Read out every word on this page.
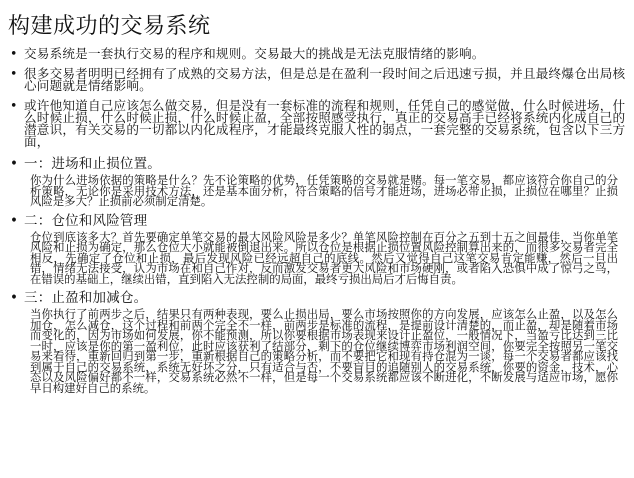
构建成功的交易系统
• 交易系统是一套执行交易的程序和规则。交易最大的挑战是无法克服情绪的影响。
• 很多交易者明明已经拥有了成熟的交易方法，但是总是在盈利一段时间之后迅速亏损，并且最终爆仓出局核心问题就是情绪影响。
• 或许他知道自己应该怎么做交易，但是没有一套标准的流程和规则，任凭自己的感觉做，什么时候进场，什么时候止损，什么时候止损，什么时候止盈，全部按照感受执行，真正的交易高手已经将系统内化成自己的潜意识，有关交易的一切都以内化成程序，才能最终克服人性的弱点，一套完整的交易系统，包含以下三方面，
• 一：进场和止损位置。
你为什么进场依据的策略是什么？先不论策略的优势，任凭策略的交易就是赌。每一笔交易，都应该符合你自己的分析策略，无论你是采用技术方法，还是基本面分析，符合策略的信号才能进场，进场必带止损，止损位在哪里？止损风险是多大？止损前必须制定清楚。
• 二：仓位和风险管理
仓位到底该多大？首先要确定单笔交易的最大风险风险是多少？单笔风险控制在百分之五到十五之间最佳，当你单笔风险和止损为确定，那么仓位大小就能被倒退出来。所以仓位是根据止损位置风险控制算出来的，而很多交易者完全相反，先确定了仓位和止损，最后发现风险已经远超自己的底线。然后又觉得自己这笔交易肯定能赚，然后一旦出错，情绪无法接受，认为市场在和自己作对，反而激发交易者更大风险和市场硬刚，或者陷入恐惧中成了惊弓之鸟，在错误的基础上，继续出错，直到陷入无法控制的局面，最终亏损出局后才后悔自责。
• 三：止盈和加减仓。
当你执行了前两步之后，结果只有两种表现，要么止损出局，要么市场按照你的方向发展，应该怎么止盈，以及怎么加仓，怎么减仓，这个过程和前两个完全不一样，前两步是标准的流程，是提前设计清楚的，而止盈，却是随着市场而变化的，因为市场如何发展，你不能预测，所以你要根据市场表现来设计止盈位，一般情况下，当盈亏比达到三比一时，应该是你的第一盈利位，此时应该获利了结部分，剩下的仓位继续博弈市场利润空间，你要完全按照另一笔交易来看待，重新回归到第一步，重新根据自己的策略分析，而不要把它和现有持仓混为一谈，每一个交易者都应该找到属于自己的交易系统，系统无好坏之分，只有适合与否，不要盲目的追随别人的交易系统，你要的资金，技术，心态以及风险偏好都不一样，交易系统必然不一样，但是每一个交易系统都应该不断进化，不断发展与适应市场，愿你早日构建好自己的系统。
